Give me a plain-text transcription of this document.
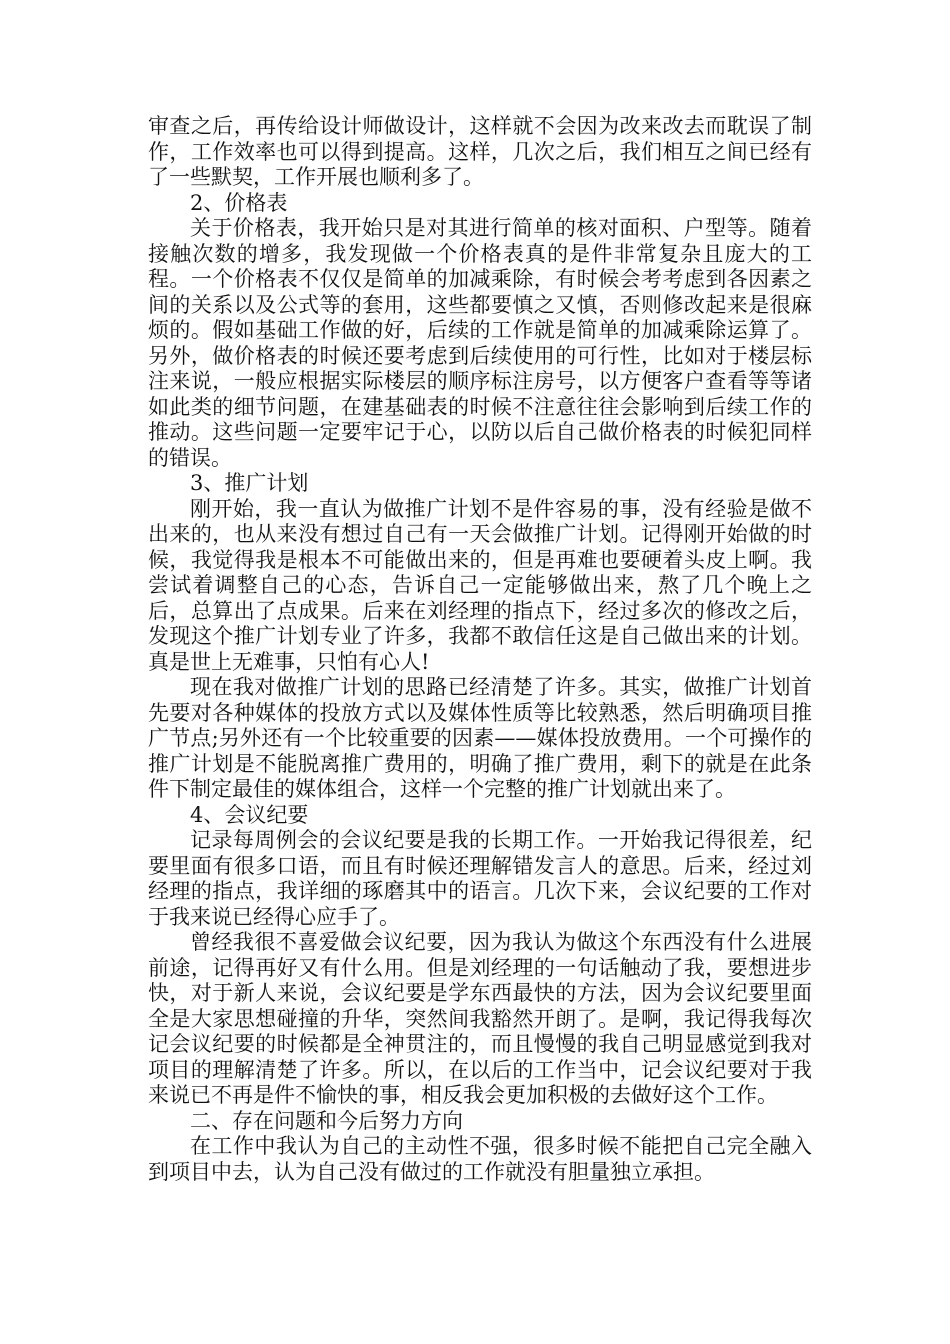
审查之后，再传给设计师做设计，这样就不会因为改来改去而耽误了制作，工作效率也可以得到提高。这样，几次之后，我们相互之间已经有了一些默契，工作开展也顺利多了。

2、价格表

关于价格表，我开始只是对其进行简单的核对面积、户型等。随着接触次数的增多，我发现做一个价格表真的是件非常复杂且庞大的工程。一个价格表不仅仅是简单的加减乘除，有时候会考考虑到各因素之间的关系以及公式等的套用，这些都要慎之又慎，否则修改起来是很麻烦的。假如基础工作做的好，后续的工作就是简单的加减乘除运算了。另外，做价格表的时候还要考虑到后续使用的可行性，比如对于楼层标注来说，一般应根据实际楼层的顺序标注房号，以方便客户查看等等诸如此类的细节问题，在建基础表的时候不注意往往会影响到后续工作的推动。这些问题一定要牢记于心，以防以后自己做价格表的时候犯同样的错误。

3、推广计划

刚开始，我一直认为做推广计划不是件容易的事，没有经验是做不出来的，也从来没有想过自己有一天会做推广计划。记得刚开始做的时候，我觉得我是根本不可能做出来的，但是再难也要硬着头皮上啊。我尝试着调整自己的心态，告诉自己一定能够做出来，熬了几个晚上之后，总算出了点成果。后来在刘经理的指点下，经过多次的修改之后，发现这个推广计划专业了许多，我都不敢信任这是自己做出来的计划。真是世上无难事，只怕有心人!

现在我对做推广计划的思路已经清楚了许多。其实，做推广计划首先要对各种媒体的投放方式以及媒体性质等比较熟悉，然后明确项目推广节点;另外还有一个比较重要的因素——媒体投放费用。一个可操作的推广计划是不能脱离推广费用的，明确了推广费用，剩下的就是在此条件下制定最佳的媒体组合，这样一个完整的推广计划就出来了。

4、会议纪要

记录每周例会的会议纪要是我的长期工作。一开始我记得很差，纪要里面有很多口语，而且有时候还理解错发言人的意思。后来，经过刘经理的指点，我详细的琢磨其中的语言。几次下来，会议纪要的工作对于我来说已经得心应手了。

曾经我很不喜爱做会议纪要，因为我认为做这个东西没有什么进展前途，记得再好又有什么用。但是刘经理的一句话触动了我，要想进步快，对于新人来说，会议纪要是学东西最快的方法，因为会议纪要里面全是大家思想碰撞的升华，突然间我豁然开朗了。是啊，我记得我每次记会议纪要的时候都是全神贯注的，而且慢慢的我自己明显感觉到我对项目的理解清楚了许多。所以，在以后的工作当中，记会议纪要对于我来说已不再是件不愉快的事，相反我会更加积极的去做好这个工作。

二、存在问题和今后努力方向

在工作中我认为自己的主动性不强，很多时候不能把自己完全融入到项目中去，认为自己没有做过的工作就没有胆量独立承担。
